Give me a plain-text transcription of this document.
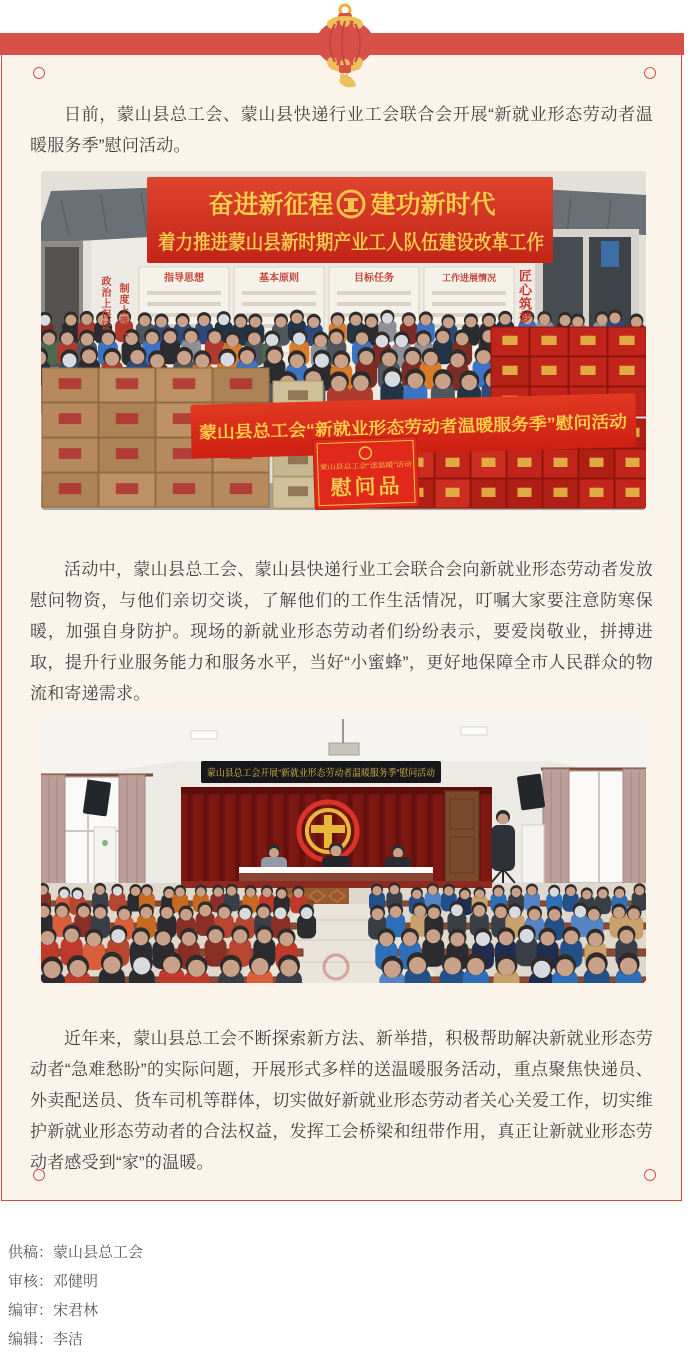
日前，蒙山县总工会、蒙山县快递行业工会联合会开展“新就业形态劳动者温暖服务季”慰问活动。

奋进新征程 建功新时代
着力推进蒙山县新时期产业工人队伍建设改革工作
指导思想	基本原则	目标任务	工作进展情况
蒙山县总工会“新就业形态劳动者温暖服务季”慰问活动
蒙山县总工会“送温暖”活动
慰问品
政治上保证 制度上落实	匠心筑梦

活动中，蒙山县总工会、蒙山县快递行业工会联合会向新就业形态劳动者发放慰问物资，与他们亲切交谈，了解他们的工作生活情况，叮嘱大家要注意防寒保暖，加强自身防护。现场的新就业形态劳动者们纷纷表示，要爱岗敬业，拼搏进取，提升行业服务能力和服务水平，当好“小蜜蜂”，更好地保障全市人民群众的物流和寄递需求。

蒙山县总工会开展“新就业形态劳动者温暖服务季”慰问活动

近年来，蒙山县总工会不断探索新方法、新举措，积极帮助解决新就业形态劳动者“急难愁盼”的实际问题，开展形式多样的送温暖服务活动，重点聚焦快递员、外卖配送员、货车司机等群体，切实做好新就业形态劳动者关心关爱工作，切实维护新就业形态劳动者的合法权益，发挥工会桥梁和纽带作用，真正让新就业形态劳动者感受到“家”的温暖。

供稿：蒙山县总工会

审核：邓健明

编审：宋君林

编辑：李洁
